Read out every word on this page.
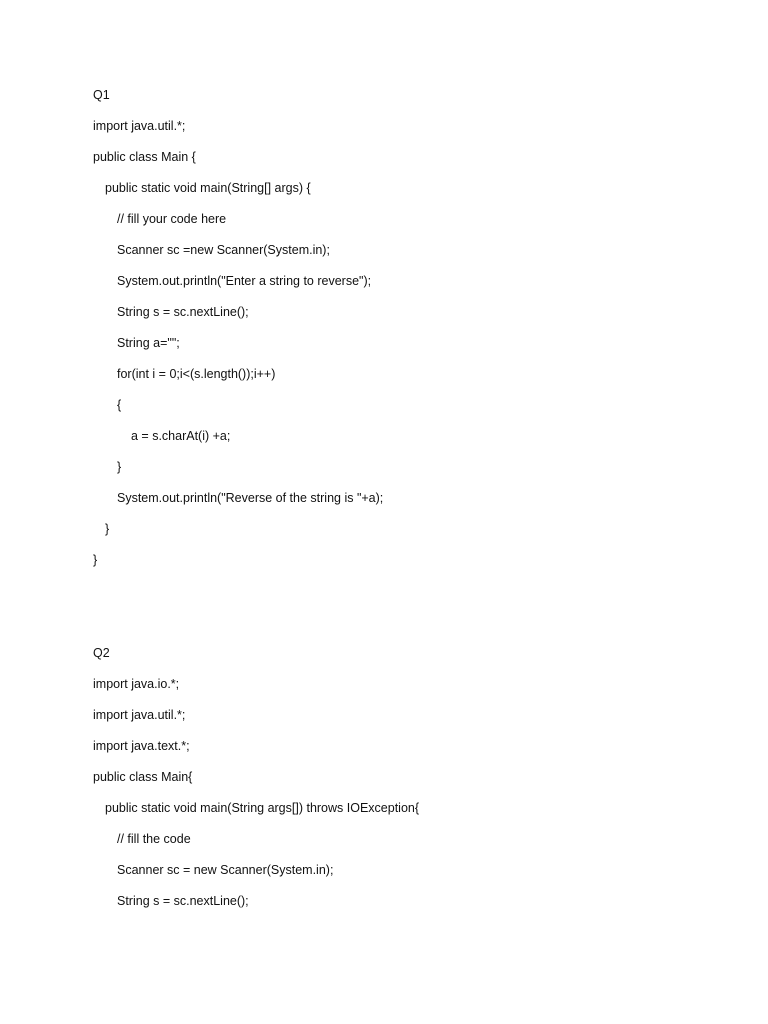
Q1
import java.util.*;
public class Main {
public static void main(String[] args) {
// fill your code here
Scanner sc =new Scanner(System.in);
System.out.println("Enter a string to reverse");
String s = sc.nextLine();
String a="";
for(int i = 0;i<(s.length());i++)
{
a = s.charAt(i) +a;
}
System.out.println("Reverse of the string is "+a);
}
}
Q2
import java.io.*;
import java.util.*;
import java.text.*;
public class Main{
public static void main(String args[]) throws IOException{
// fill the code
Scanner sc = new Scanner(System.in);
String s = sc.nextLine();
